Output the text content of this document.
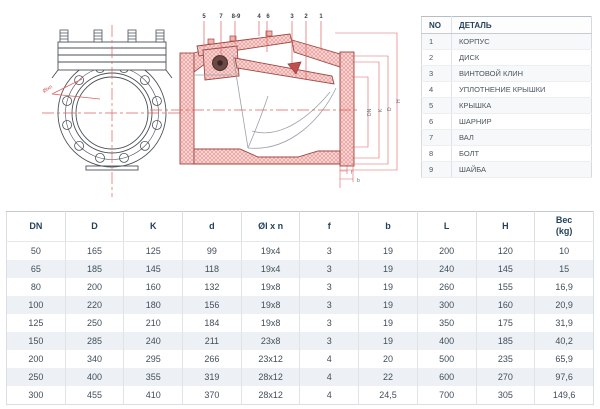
Ølxn
5 7 8-9	4 6	3 2 1
H
D
K
DN
f
b
NO	ДЕТАЛЬ
1	КОРПУС
2	ДИСК
3	ВИНТОВОЙ КЛИН
4	УПЛОТНЕНИЕ КРЫШКИ
5	КРЫШКА
6	ШАРНИР
7	ВАЛ
8	БОЛТ
9	ШАЙБА
DN	D	K	d	Øl x n	f	b	L	H	Вес
(kg)
50	165	125	99	19x4	3	19	200	120	10
65	185	145	118	19x4	3	19	240	145	15
80	200	160	132	19x8	3	19	260	155	16,9
100	220	180	156	19x8	3	19	300	160	20,9
125	250	210	184	19x8	3	19	350	175	31,9
150	285	240	211	23x8	3	19	400	185	40,2
200	340	295	266	23x12	4	20	500	235	65,9
250	400	355	319	28x12	4	22	600	270	97,6
300	455	410	370	28x12	4	24,5	700	305	149,6
